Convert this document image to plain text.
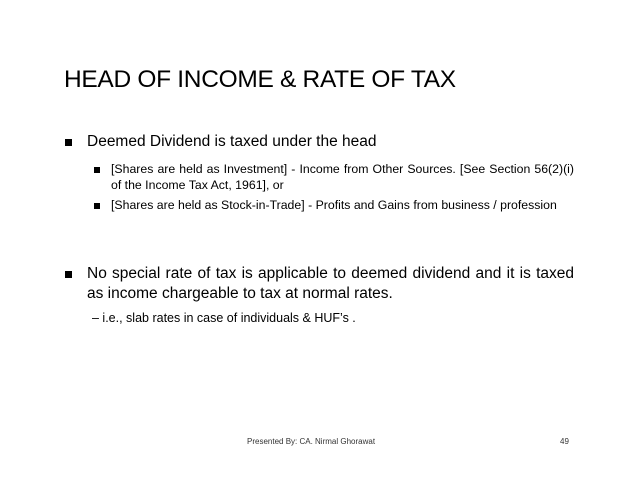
HEAD OF INCOME & RATE OF TAX
Deemed Dividend is taxed under the head
[Shares are held as Investment] - Income from Other Sources. [See Section 56(2)(i) of the Income Tax Act, 1961], or
[Shares are held as Stock-in-Trade] - Profits and Gains from business / profession
No special rate of tax is applicable to deemed dividend and it is taxed as income chargeable to tax at normal rates.
– i.e., slab rates in case of individuals & HUF’s .
Presented By: CA. Nirmal Ghorawat	49
